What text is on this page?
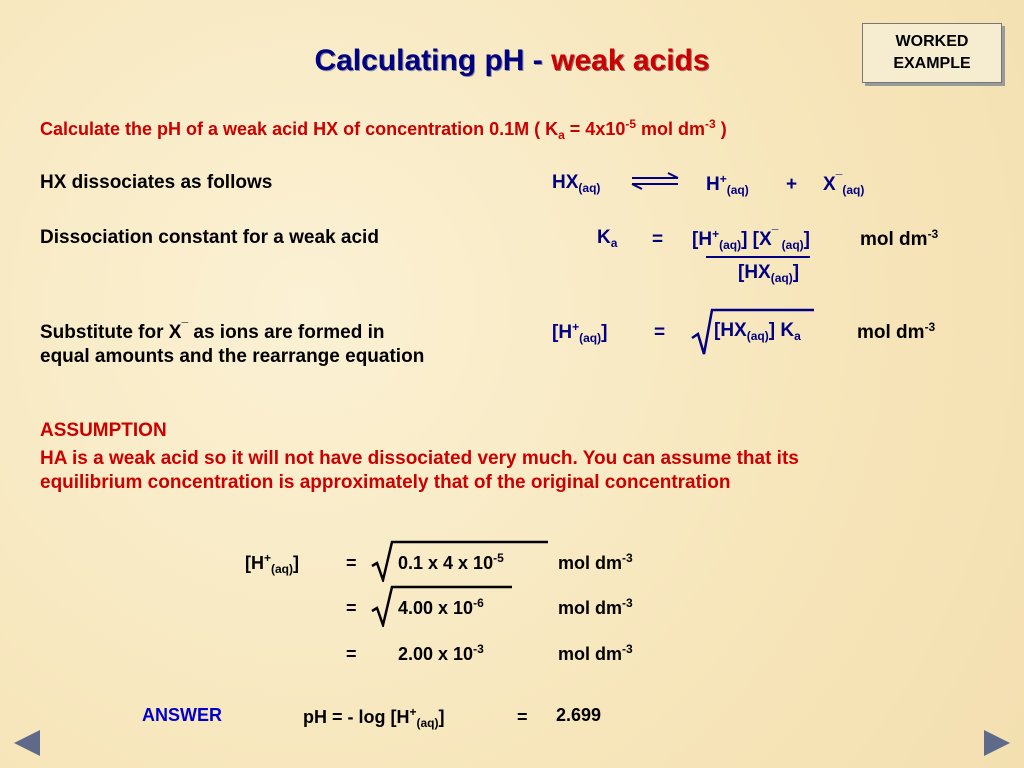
Calculating pH - weak acids
WORKED
EXAMPLE
Calculate the pH of a weak acid HX of concentration 0.1M ( $K_a = 4x10^{-5}$ mol $dm^{-3}$ )
HX dissociates as follows	$HX_{(aq)}$ ⇌ $H^+_{(aq)} + X^¯_{(aq)}$
Dissociation constant for a weak acid	$K_a = [H^+_{(aq)}]$ [X¯ $_{(aq)}$]
$[HX_{(aq)}]$
mol $dm^{-3}$
Substitute for X¯ as ions are formed in
equal amounts and the rearrange equation
$[H^+_{(aq)}]$ =	$[HX_{(aq)}]$ $K_a$	mol $dm^{-3}$
ASSUMPTION
HA is a weak acid so it will not have dissociated very much. You can assume that its
equilibrium concentration is approximately that of the original concentration
$[H^+_{(aq)}]$	= 0.1 x 4 x $10^{-5}$	mol $dm^{-3}$
= 4.00 x $10^{-6}$	mol $dm^{-3}$
= 2.00 x $10^{-3}$	mol $dm^{-3}$
ANSWER	pH = - $\log [H^+_{(aq)}]$	= 2.699
